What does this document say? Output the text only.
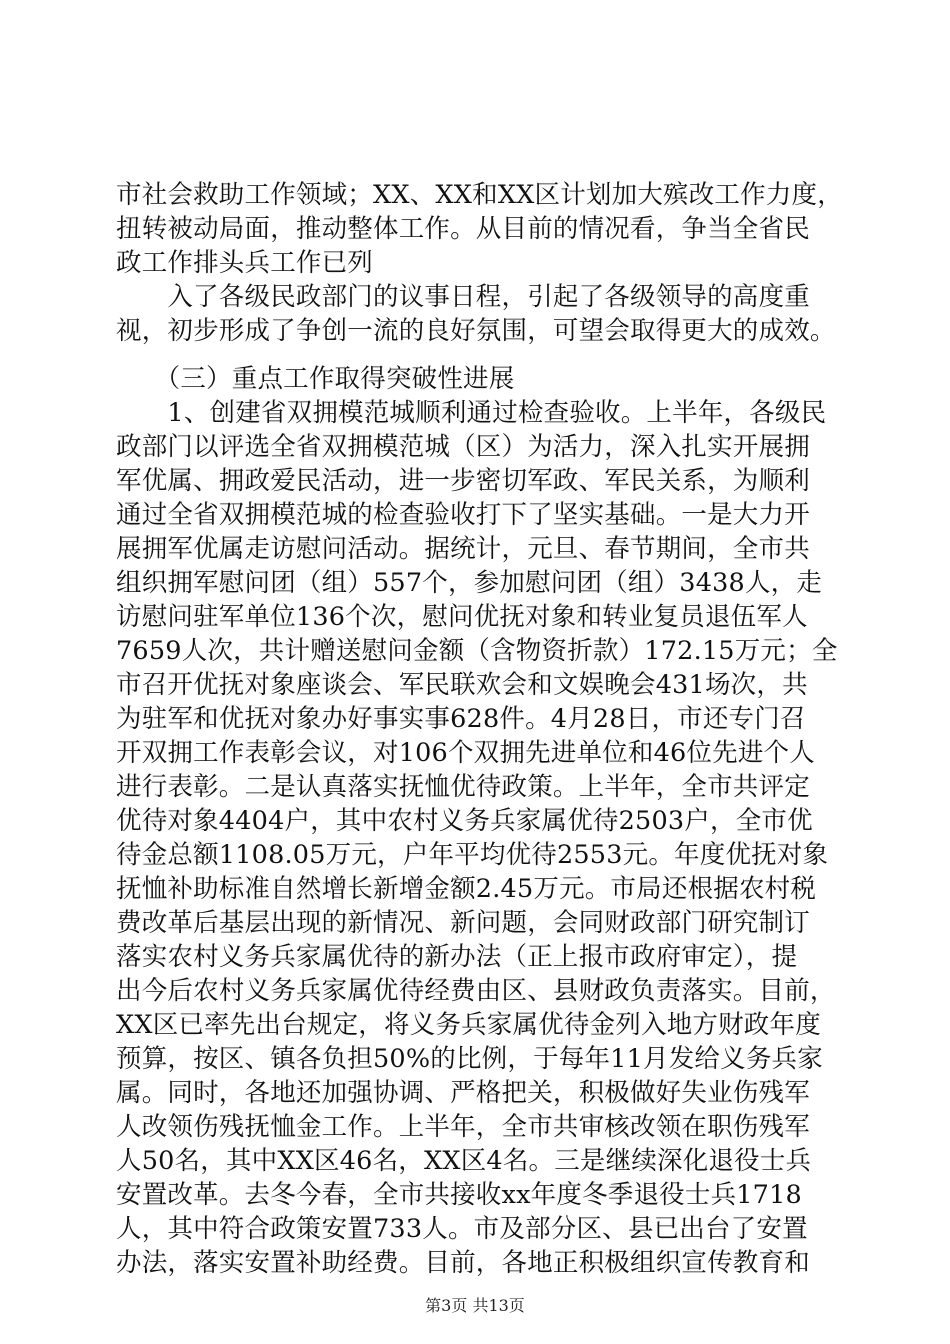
市社会救助工作领域；XX、XX和XX区计划加大殡改工作力度，
扭转被动局面，推动整体工作。从目前的情况看，争当全省民
政工作排头兵工作已列
　　入了各级民政部门的议事日程，引起了各级领导的高度重
视，初步形成了争创一流的良好氛围，可望会取得更大的成效。
　　（三）重点工作取得突破性进展
　　1、创建省双拥模范城顺利通过检查验收。上半年，各级民
政部门以评选全省双拥模范城（区）为活力，深入扎实开展拥
军优属、拥政爱民活动，进一步密切军政、军民关系，为顺利
通过全省双拥模范城的检查验收打下了坚实基础。一是大力开
展拥军优属走访慰问活动。据统计，元旦、春节期间，全市共
组织拥军慰问团（组）557个，参加慰问团（组）3438人，走
访慰问驻军单位136个次，慰问优抚对象和转业复员退伍军人
7659人次，共计赠送慰问金额（含物资折款）172.15万元；全
市召开优抚对象座谈会、军民联欢会和文娱晚会431场次，共
为驻军和优抚对象办好事实事628件。4月28日，市还专门召
开双拥工作表彰会议，对106个双拥先进单位和46位先进个人
进行表彰。二是认真落实抚恤优待政策。上半年，全市共评定
优待对象4404户，其中农村义务兵家属优待2503户，全市优
待金总额1108.05万元，户年平均优待2553元。年度优抚对象
抚恤补助标准自然增长新增金额2.45万元。市局还根据农村税
费改革后基层出现的新情况、新问题，会同财政部门研究制订
落实农村义务兵家属优待的新办法（正上报市政府审定），提
出今后农村义务兵家属优待经费由区、县财政负责落实。目前，
XX区已率先出台规定，将义务兵家属优待金列入地方财政年度
预算，按区、镇各负担50%的比例，于每年11月发给义务兵家
属。同时，各地还加强协调、严格把关，积极做好失业伤残军
人改领伤残抚恤金工作。上半年，全市共审核改领在职伤残军
人50名，其中XX区46名，XX区4名。三是继续深化退役士兵
安置改革。去冬今春，全市共接收xx年度冬季退役士兵1718
人，其中符合政策安置733人。市及部分区、县已出台了安置
办法，落实安置补助经费。目前，各地正积极组织宣传教育和
第3页 共13页
